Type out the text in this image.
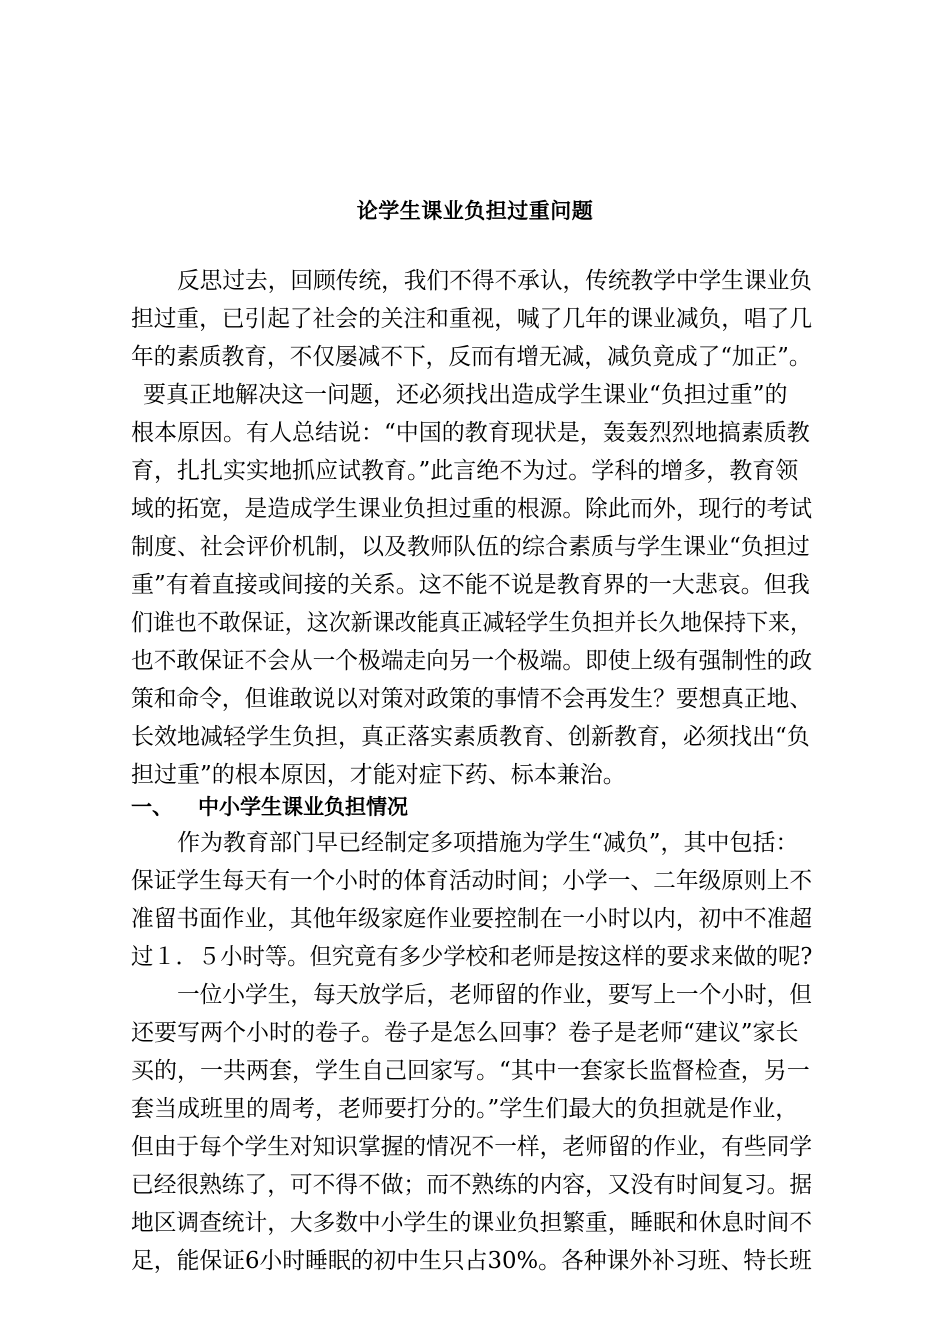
论学生课业负担过重问题
反思过去，回顾传统，我们不得不承认，传统教学中学生课业负
担过重，已引起了社会的关注和重视，喊了几年的课业减负，唱了几
年的素质教育，不仅屡减不下，反而有增无减，减负竟成了“加正”。
要真正地解决这一问题，还必须找出造成学生课业“负担过重”的
根本原因。有人总结说：“中国的教育现状是，轰轰烈烈地搞素质教
育，扎扎实实地抓应试教育。”此言绝不为过。学科的增多，教育领
域的拓宽，是造成学生课业负担过重的根源。除此而外，现行的考试
制度、社会评价机制，以及教师队伍的综合素质与学生课业“负担过
重”有着直接或间接的关系。这不能不说是教育界的一大悲哀。但我
们谁也不敢保证，这次新课改能真正减轻学生负担并长久地保持下来，
也不敢保证不会从一个极端走向另一个极端。即使上级有强制性的政
策和命令，但谁敢说以对策对政策的事情不会再发生？要想真正地、
长效地减轻学生负担，真正落实素质教育、创新教育，必须找出“负
担过重”的根本原因，才能对症下药、标本兼治。
一、 中小学生课业负担情况
作为教育部门早已经制定多项措施为学生“减负”，其中包括：
保证学生每天有一个小时的体育活动时间；小学一、二年级原则上不
准留书面作业，其他年级家庭作业要控制在一小时以内，初中不准超
过１．５小时等。但究竟有多少学校和老师是按这样的要求来做的呢?
一位小学生，每天放学后，老师留的作业，要写上一个小时，但
还要写两个小时的卷子。卷子是怎么回事？卷子是老师“建议”家长
买的，一共两套，学生自己回家写。“其中一套家长监督检查，另一
套当成班里的周考，老师要打分的。”学生们最大的负担就是作业，
但由于每个学生对知识掌握的情况不一样，老师留的作业，有些同学
已经很熟练了，可不得不做；而不熟练的内容，又没有时间复习。据
地区调查统计，大多数中小学生的课业负担繁重，睡眠和休息时间不
足，能保证6小时睡眠的初中生只占30%。各种课外补习班、特长班
